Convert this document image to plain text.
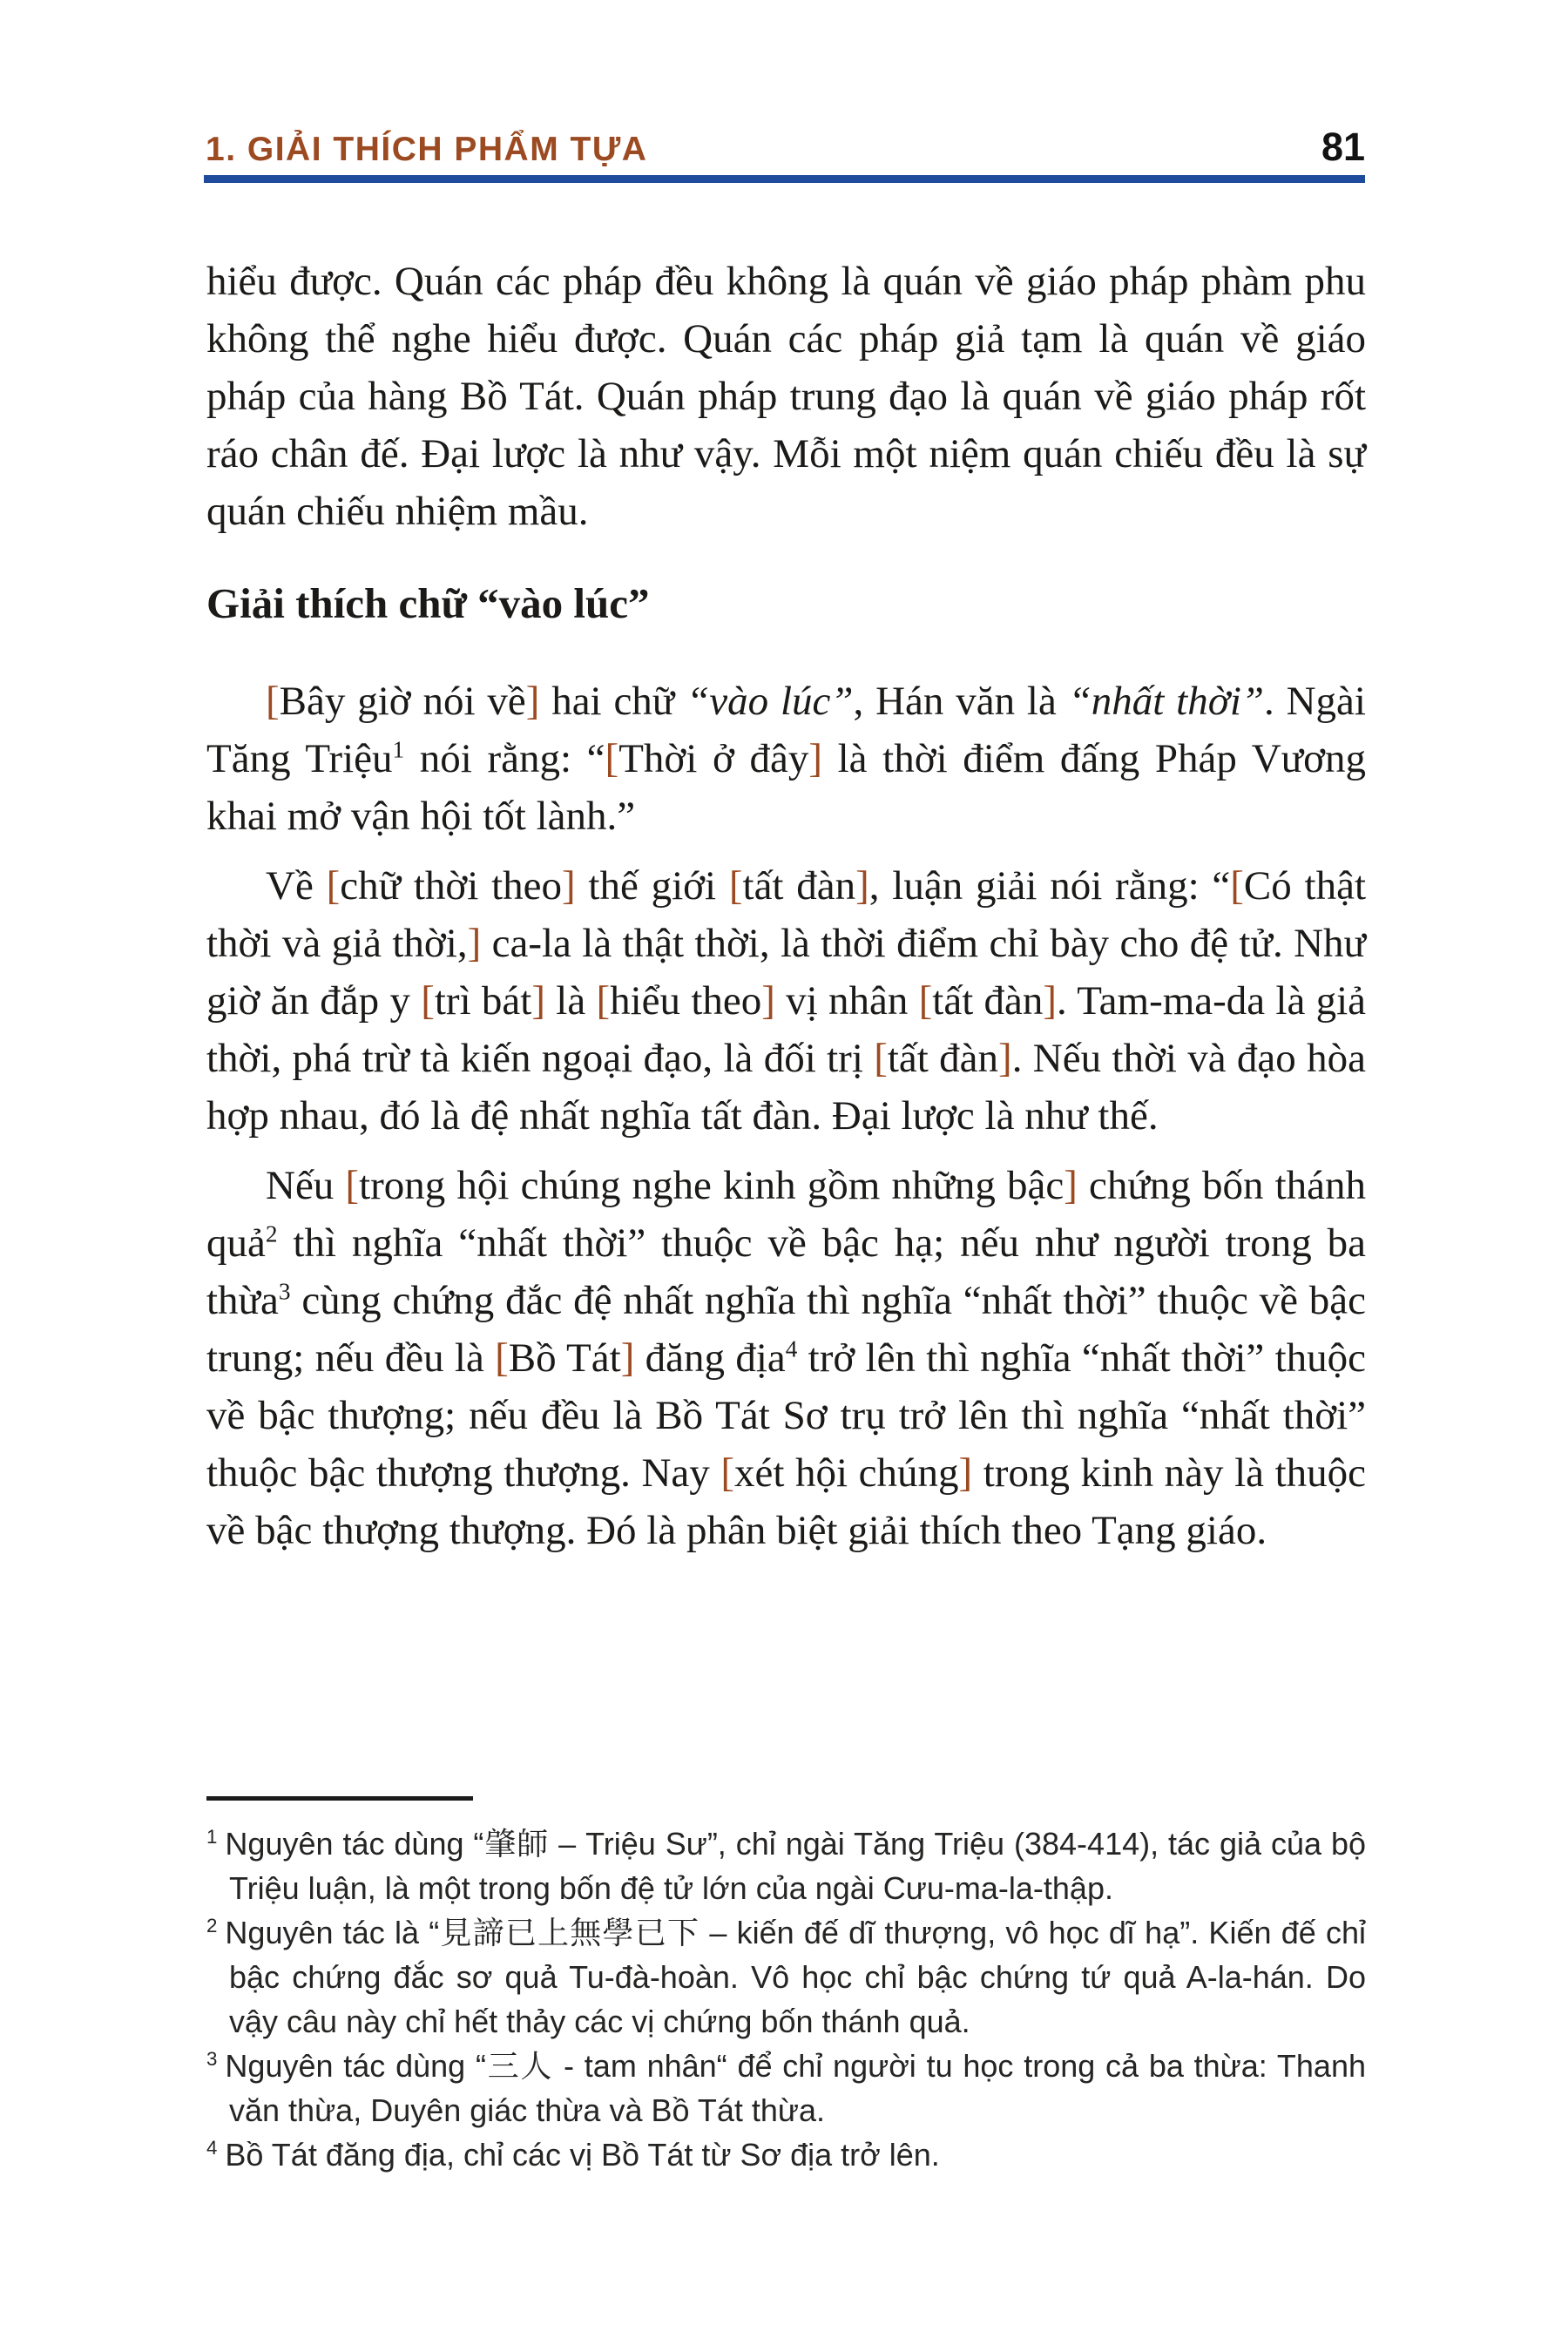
1. GIẢI THÍCH PHẨM TỰA	81

hiểu được. Quán các pháp đều không là quán về giáo pháp phàm phu không thể nghe hiểu được. Quán các pháp giả tạm là quán về giáo pháp của hàng Bồ Tát. Quán pháp trung đạo là quán về giáo pháp rốt ráo chân đế. Đại lược là như vậy. Mỗi một niệm quán chiếu đều là sự quán chiếu nhiệm mầu.

Giải thích chữ “vào lúc”

[Bây giờ nói về] hai chữ “vào lúc”, Hán văn là “nhất thời”. Ngài Tăng Triệu$^1$ nói rằng: “[Thời ở đây] là thời điểm đấng Pháp Vương khai mở vận hội tốt lành.”

Về [chữ thời theo] thế giới [tất đàn], luận giải nói rằng: “[Có thật thời và giả thời,] ca-la là thật thời, là thời điểm chỉ bày cho đệ tử. Như giờ ăn đắp y [trì bát] là [hiểu theo] vị nhân [tất đàn]. Tam-ma-da là giả thời, phá trừ tà kiến ngoại đạo, là đối trị [tất đàn]. Nếu thời và đạo hòa hợp nhau, đó là đệ nhất nghĩa tất đàn. Đại lược là như thế.

Nếu [trong hội chúng nghe kinh gồm những bậc] chứng bốn thánh quả$^2$ thì nghĩa “nhất thời” thuộc về bậc hạ; nếu như người trong ba thừa$^3$ cùng chứng đắc đệ nhất nghĩa thì nghĩa “nhất thời” thuộc về bậc trung; nếu đều là [Bồ Tát] đăng địa$^4$ trở lên thì nghĩa “nhất thời” thuộc về bậc thượng; nếu đều là Bồ Tát Sơ trụ trở lên thì nghĩa “nhất thời” thuộc bậc thượng thượng. Nay [xét hội chúng] trong kinh này là thuộc về bậc thượng thượng. Đó là phân biệt giải thích theo Tạng giáo.

$^1$ Nguyên tác dùng “肇師 – Triệu Sư”, chỉ ngài Tăng Triệu (384-414), tác giả của bộ Triệu luận, là một trong bốn đệ tử lớn của ngài Cưu-ma-la-thập.

$^2$ Nguyên tác là “見諦已上無學已下 – kiến đế dĩ thượng, vô học dĩ hạ”. Kiến đế chỉ bậc chứng đắc sơ quả Tu-đà-hoàn. Vô học chỉ bậc chứng tứ quả A-la-hán. Do vậy câu này chỉ hết thảy các vị chứng bốn thánh quả.

$^3$ Nguyên tác dùng “三人 - tam nhân“ để chỉ người tu học trong cả ba thừa: Thanh văn thừa, Duyên giác thừa và Bồ Tát thừa.

$^4$ Bồ Tát đăng địa, chỉ các vị Bồ Tát từ Sơ địa trở lên.
